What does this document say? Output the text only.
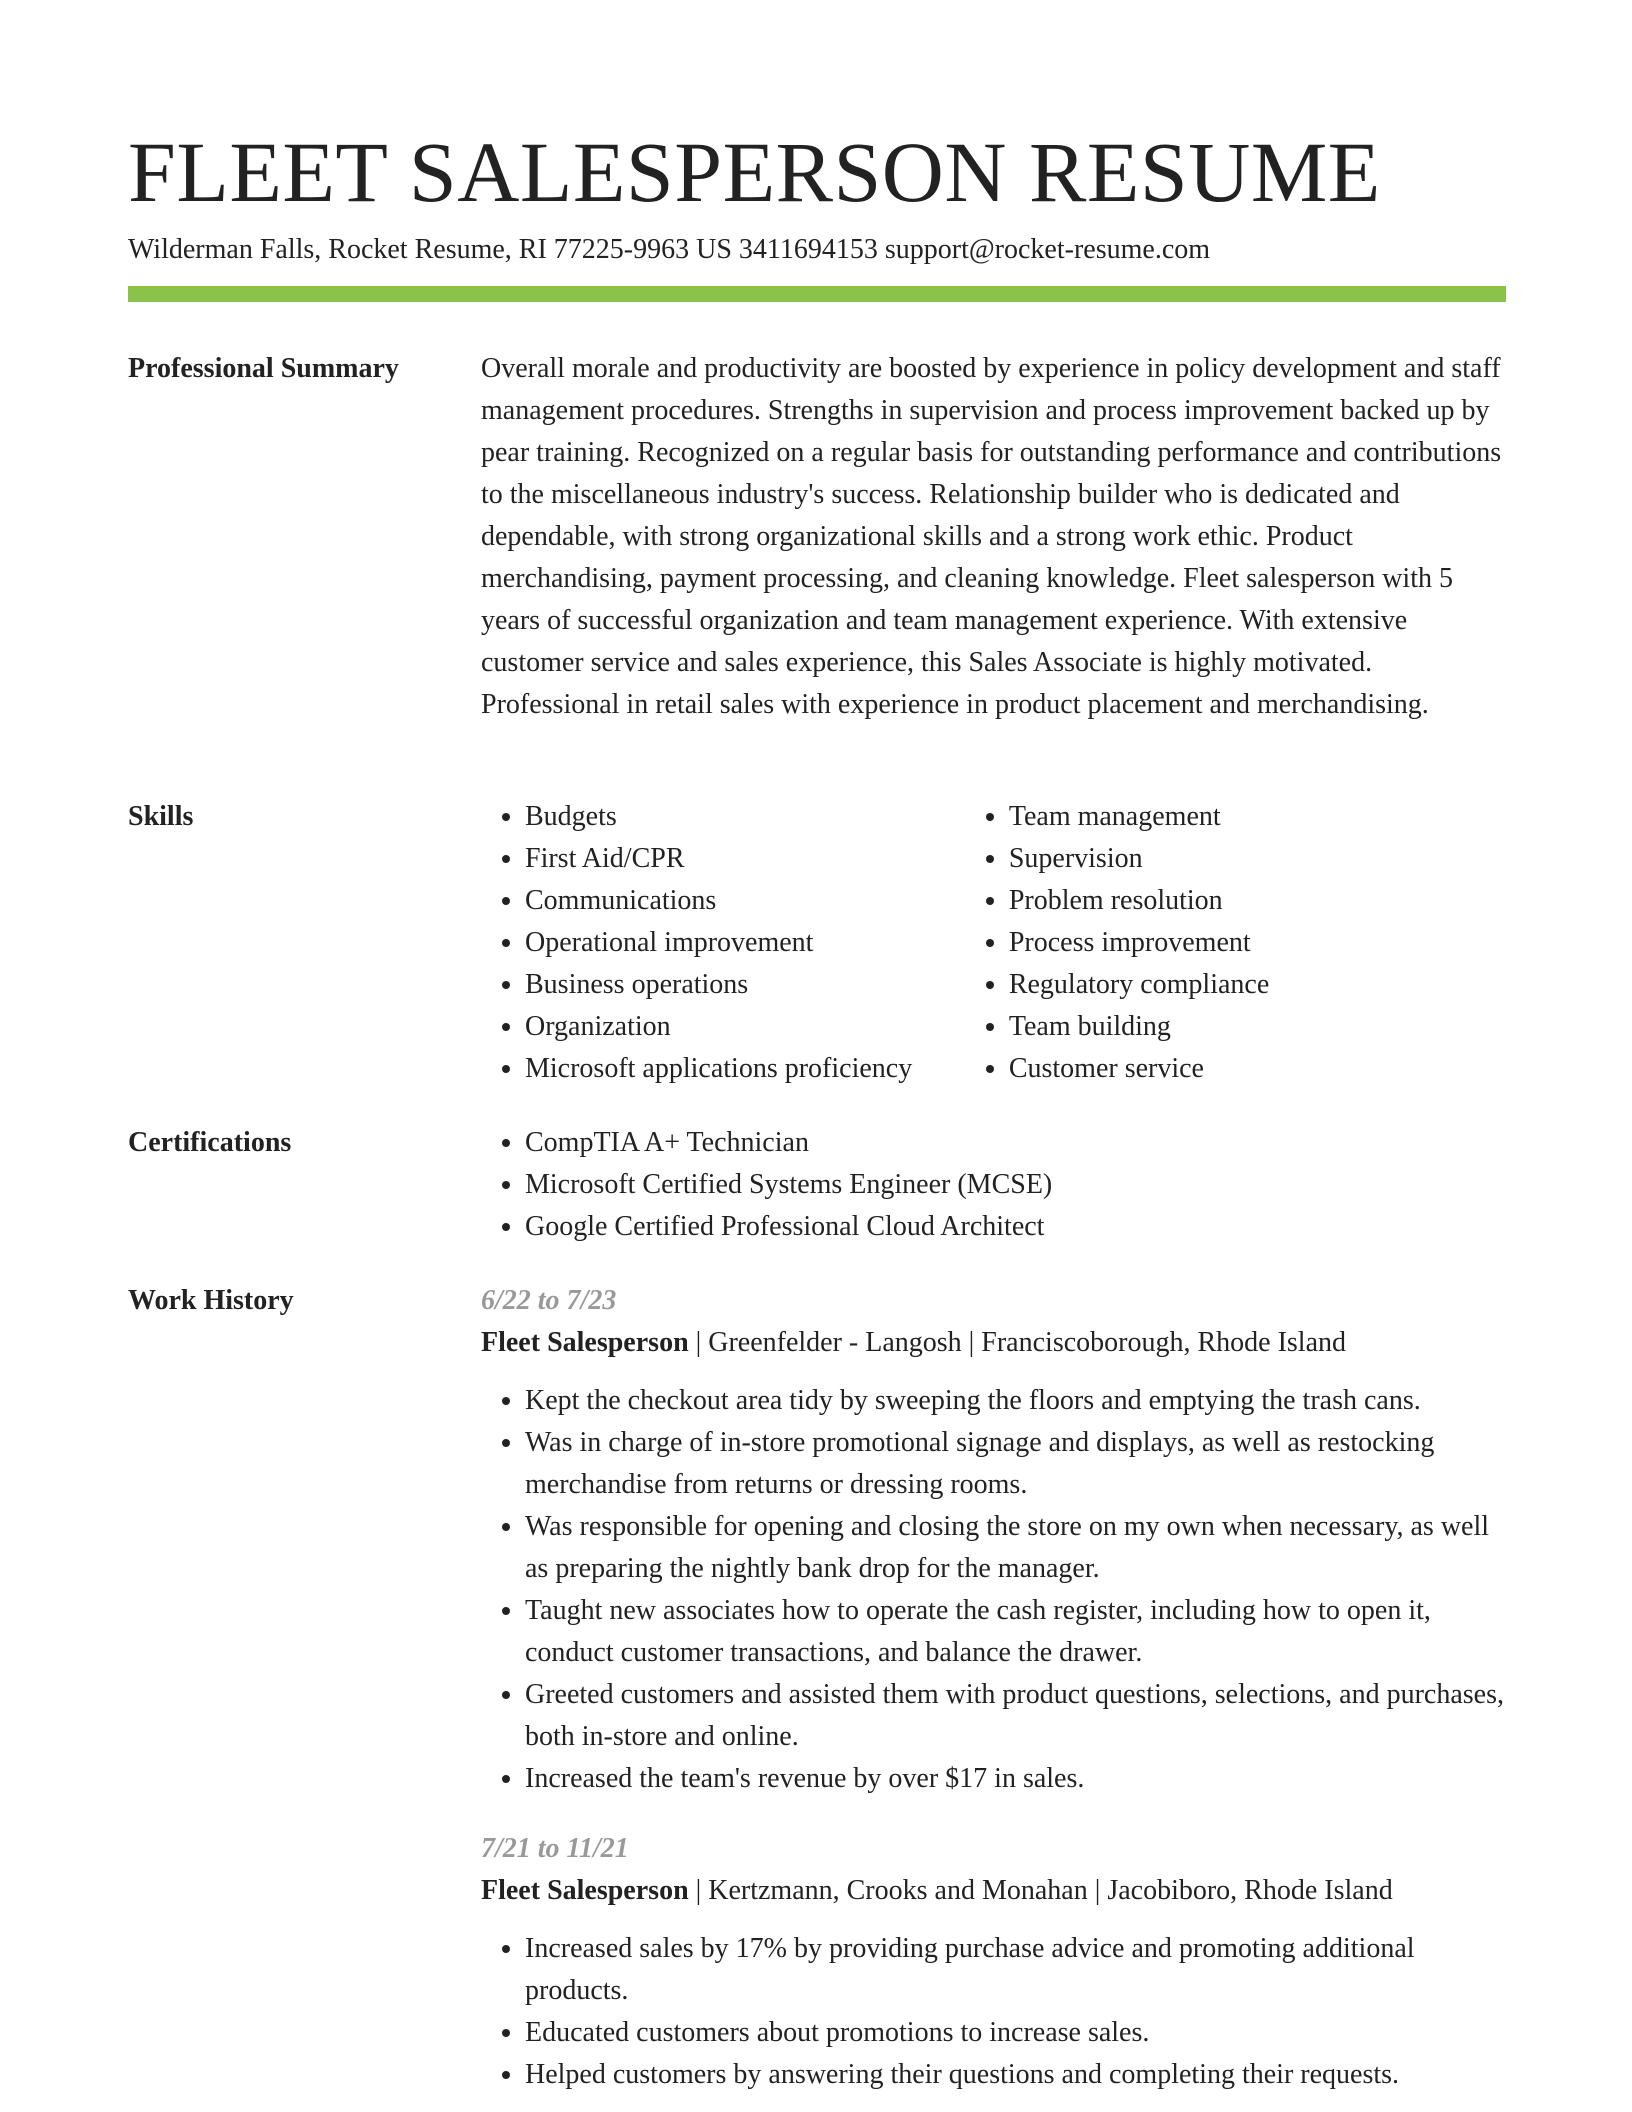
FLEET SALESPERSON RESUME
Wilderman Falls, Rocket Resume, RI 77225-9963 US 3411694153 support@rocket-resume.com
Professional Summary	Overall morale and productivity are boosted by experience in policy development and staff management procedures. Strengths in supervision and process improvement backed up by pear training. Recognized on a regular basis for outstanding performance and contributions to the miscellaneous industry's success. Relationship builder who is dedicated and dependable, with strong organizational skills and a strong work ethic. Product merchandising, payment processing, and cleaning knowledge. Fleet salesperson with 5 years of successful organization and team management experience. With extensive customer service and sales experience, this Sales Associate is highly motivated. Professional in retail sales with experience in product placement and merchandising.

Skills	• Budgets
• First Aid/CPR
• Communications
• Operational improvement
• Business operations
• Organization
• Microsoft applications proficiency
• Team management
• Supervision
• Problem resolution
• Process improvement
• Regulatory compliance
• Team building
• Customer service
Certifications	• CompTIA A+ Technician
• Microsoft Certified Systems Engineer (MCSE)
• Google Certified Professional Cloud Architect
Work History	6/22 to 7/23
Fleet Salesperson | Greenfelder - Langosh | Franciscoborough, Rhode Island
• Kept the checkout area tidy by sweeping the floors and emptying the trash cans.
• Was in charge of in-store promotional signage and displays, as well as restocking merchandise from returns or dressing rooms.
• Was responsible for opening and closing the store on my own when necessary, as well as preparing the nightly bank drop for the manager.
• Taught new associates how to operate the cash register, including how to open it, conduct customer transactions, and balance the drawer.
• Greeted customers and assisted them with product questions, selections, and purchases, both in-store and online.
• Increased the team's revenue by over $17 in sales.
7/21 to 11/21
Fleet Salesperson | Kertzmann, Crooks and Monahan | Jacobiboro, Rhode Island
• Increased sales by 17% by providing purchase advice and promoting additional products.
• Educated customers about promotions to increase sales.
• Helped customers by answering their questions and completing their requests.
